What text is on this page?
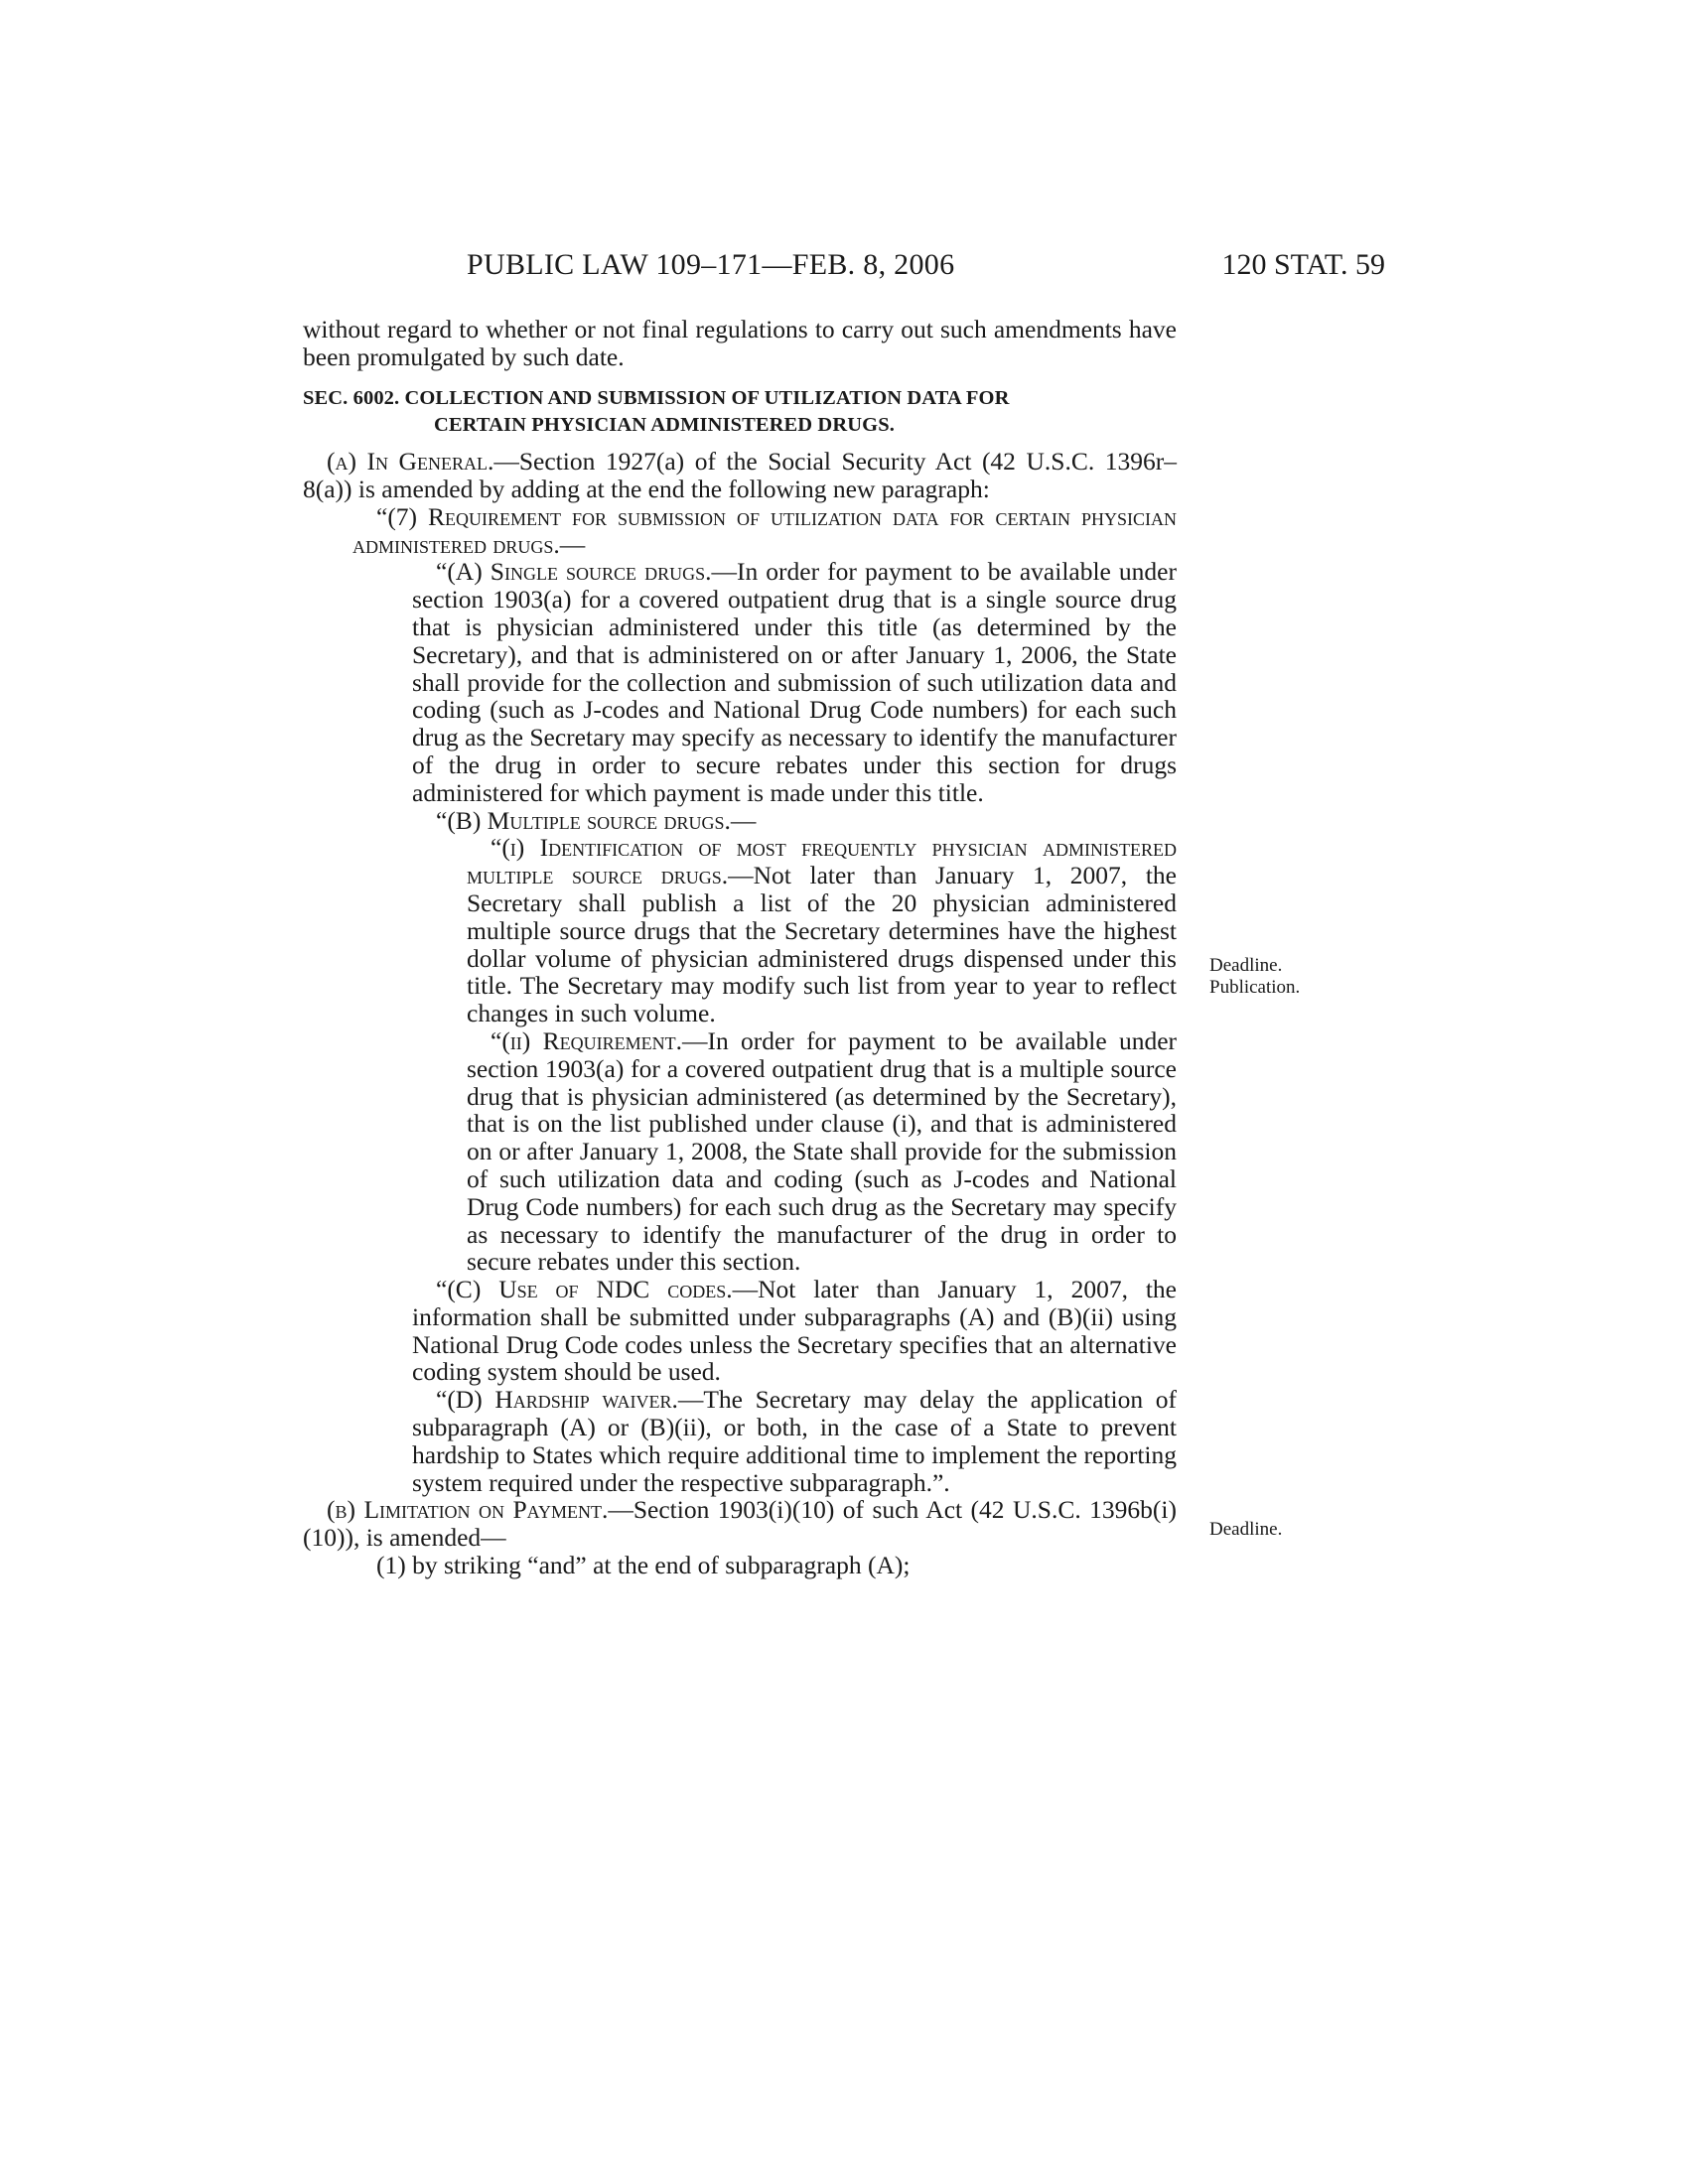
PUBLIC LAW 109–171—FEB. 8, 2006	120 STAT. 59

without regard to whether or not final regulations to carry out such amendments have been promulgated by such date.

SEC. 6002. COLLECTION AND SUBMISSION OF UTILIZATION DATA FOR
CERTAIN PHYSICIAN ADMINISTERED DRUGS.

(a) In General.—Section 1927(a) of the Social Security Act (42 U.S.C. 1396r–8(a)) is amended by adding at the end the following new paragraph:

“(7) Requirement for submission of utilization data for certain physician administered drugs.—

“(A) Single source drugs.—In order for payment to be available under section 1903(a) for a covered outpatient drug that is a single source drug that is physician administered under this title (as determined by the Secretary), and that is administered on or after January 1, 2006, the State shall provide for the collection and submission of such utilization data and coding (such as J-codes and National Drug Code numbers) for each such drug as the Secretary may specify as necessary to identify the manufacturer of the drug in order to secure rebates under this section for drugs administered for which payment is made under this title.

“(B) Multiple source drugs.—

“(i) Identification of most frequently physician administered multiple source drugs.—Not later than January 1, 2007, the Secretary shall publish a list of the 20 physician administered multiple source drugs that the Secretary determines have the highest dollar volume of physician administered drugs dispensed under this title. The Secretary may modify such list from year to year to reflect changes in such volume.

“(ii) Requirement.—In order for payment to be available under section 1903(a) for a covered outpatient drug that is a multiple source drug that is physician administered (as determined by the Secretary), that is on the list published under clause (i), and that is administered on or after January 1, 2008, the State shall provide for the submission of such utilization data and coding (such as J-codes and National Drug Code numbers) for each such drug as the Secretary may specify as necessary to identify the manufacturer of the drug in order to secure rebates under this section.

“(C) Use of NDC codes.—Not later than January 1, 2007, the information shall be submitted under subparagraphs (A) and (B)(ii) using National Drug Code codes unless the Secretary specifies that an alternative coding system should be used.

“(D) Hardship waiver.—The Secretary may delay the application of subparagraph (A) or (B)(ii), or both, in the case of a State to prevent hardship to States which require additional time to implement the reporting system required under the respective subparagraph.”.

(b) Limitation on Payment.—Section 1903(i)(10) of such Act (42 U.S.C. 1396b(i)(10)), is amended—

(1) by striking “and” at the end of subparagraph (A);

Deadline.
Publication.
Deadline.
